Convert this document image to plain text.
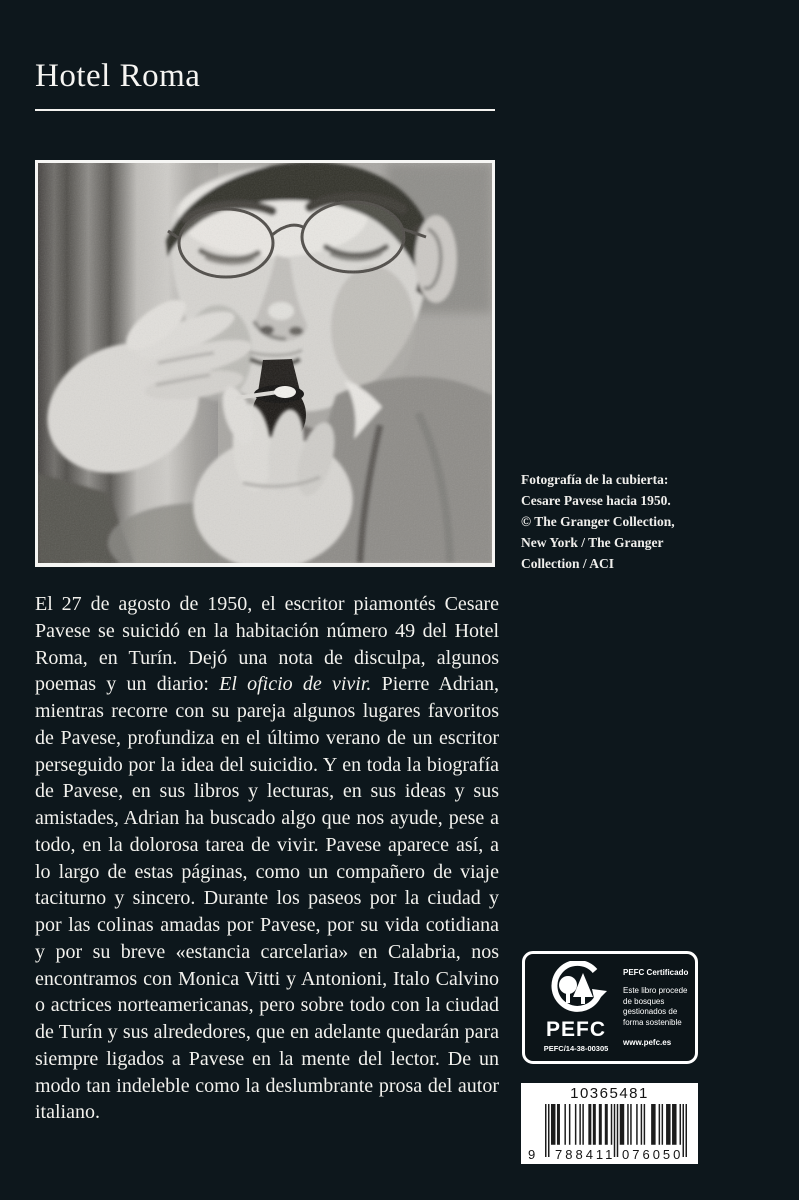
Hotel Roma
Fotografía de la cubierta:
Cesare Pavese hacia 1950.
© The Granger Collection,
New York / The Granger
Collection / ACI

El 27 de agosto de 1950, el escritor piamontés Cesare Pavese se suicidó en la habitación número 49 del Hotel Roma, en Turín. Dejó una nota de disculpa, algunos poemas y un diario: El oficio de vivir. Pierre Adrian, mientras recorre con su pareja algunos lugares favoritos de Pavese, profundiza en el último verano de un escritor perseguido por la idea del suicidio. Y en toda la biografía de Pavese, en sus libros y lecturas, en sus ideas y sus amistades, Adrian ha buscado algo que nos ayude, pese a todo, en la dolorosa tarea de vivir. Pavese aparece así, a lo largo de estas páginas, como un compañero de viaje taciturno y sincero. Durante los paseos por la ciudad y por las colinas amadas por Pavese, por su vida cotidiana y por su breve «estancia carcelaria» en Calabria, nos encontramos con Monica Vitti y Antonioni, Italo Calvino o actrices norteamericanas, pero sobre todo con la ciudad de Turín y sus alrededores, que en adelante quedarán para siempre ligados a Pavese en la mente del lector. De un modo tan indeleble como la deslumbrante prosa del autor italiano.

PEFC
PEFC/14-38-00305
PEFC Certificado
Este libro procede de bosques gestionados de forma sostenible
www.pefc.es
10365481
9 788411 076050
